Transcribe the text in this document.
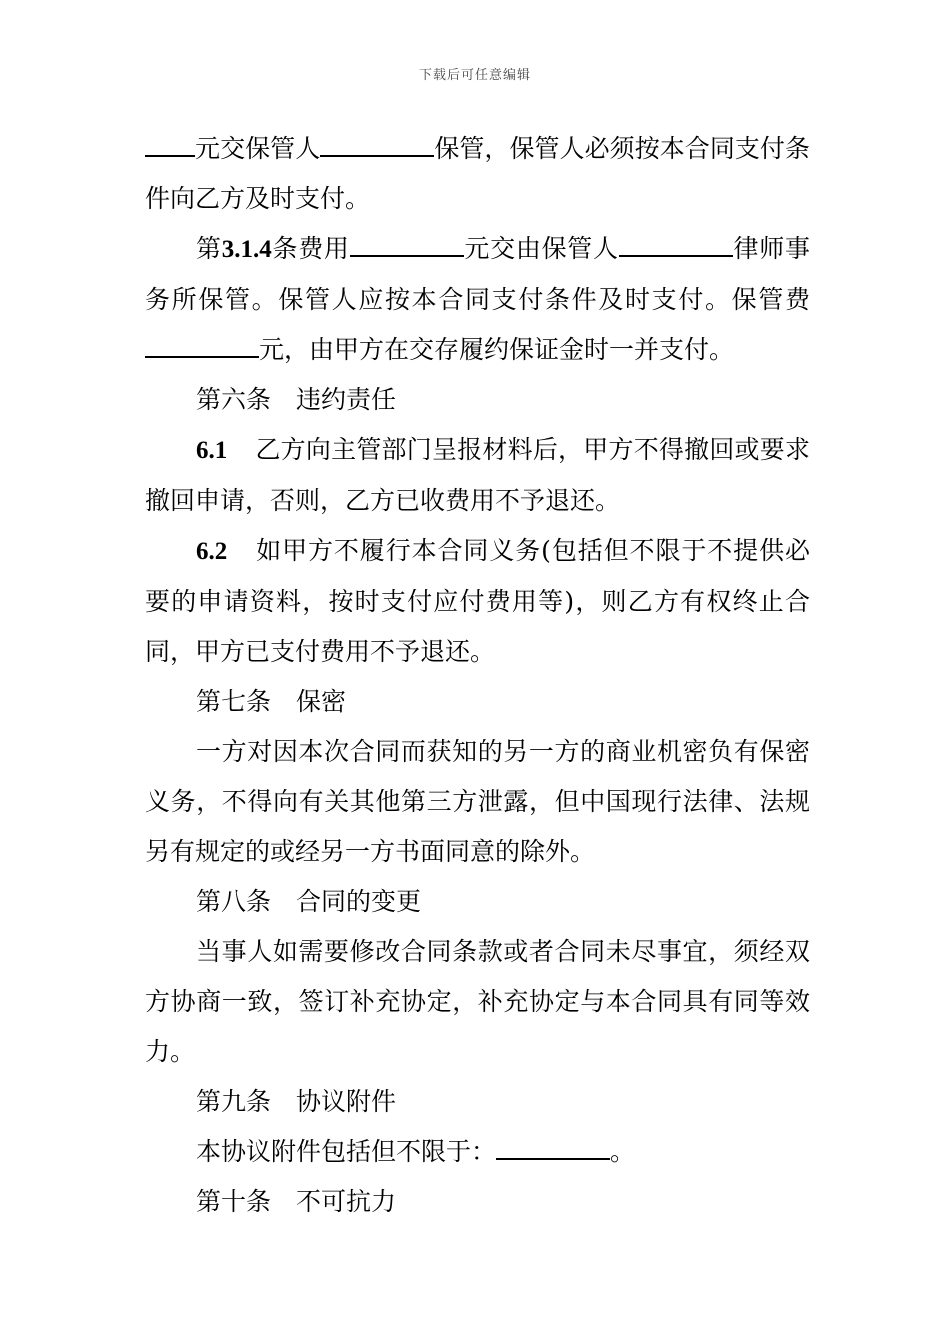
下载后可任意编辑

元交保管人	保管，保管人必须按本合同支付条件向乙方及时支付。

第3.1.4条费用	元交由保管人	律师事务所保管。保管人应按本合同支付条件及时支付。保管费元，由甲方在交存履约保证金时一并支付。

第六条　违约责任

6.1 乙方向主管部门呈报材料后，甲方不得撤回或要求撤回申请，否则，乙方已收费用不予退还。

6.2 如甲方不履行本合同义务(包括但不限于不提供必要的申请资料，按时支付应付费用等)，则乙方有权终止合同，甲方已支付费用不予退还。

第七条　保密

一方对因本次合同而获知的另一方的商业机密负有保密义务，不得向有关其他第三方泄露，但中国现行法律、法规另有规定的或经另一方书面同意的除外。

第八条　合同的变更

当事人如需要修改合同条款或者合同未尽事宜，须经双方协商一致，签订补充协定，补充协定与本合同具有同等效力。

第九条　协议附件

本协议附件包括但不限于：	。

第十条　不可抗力
